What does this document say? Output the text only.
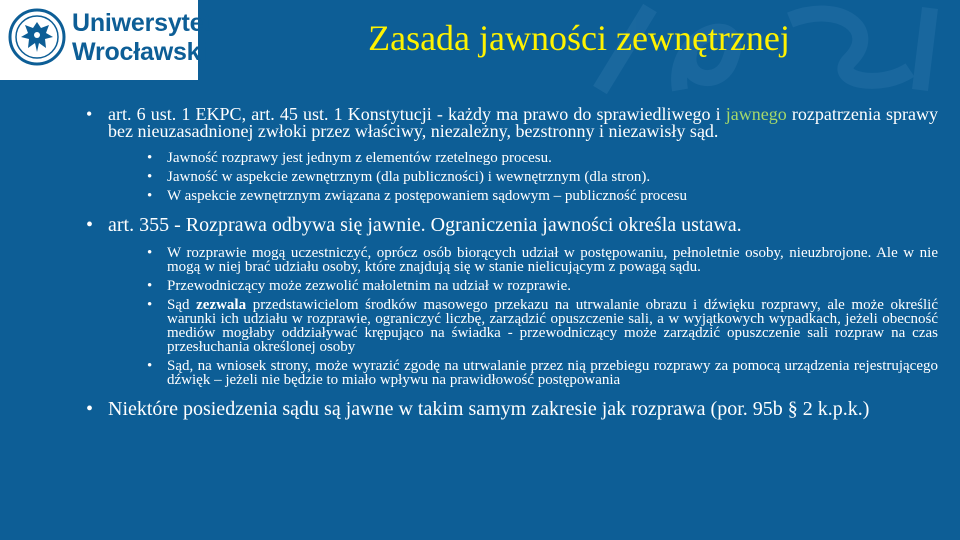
Uniwersytet
Wrocławski	Zasada jawności zewnętrznej
• art. 6 ust. 1 EKPC, art. 45 ust. 1 Konstytucji - każdy ma prawo do sprawiedliwego i jawnego rozpatrzenia sprawy bez nieuzasadnionej zwłoki przez właściwy, niezależny, bezstronny i niezawisły sąd.
• Jawność rozprawy jest jednym z elementów rzetelnego procesu.
• Jawność w aspekcie zewnętrznym (dla publiczności) i wewnętrznym (dla stron).
• W aspekcie zewnętrznym związana z postępowaniem sądowym – publiczność procesu
• art. 355 - Rozprawa odbywa się jawnie. Ograniczenia jawności określa ustawa.
• W rozprawie mogą uczestniczyć, oprócz osób biorących udział w postępowaniu, pełnoletnie osoby, nieuzbrojone. Ale w nie mogą w niej brać udziału osoby, które znajdują się w stanie nielicującym z powagą sądu.
• Przewodniczący może zezwolić małoletnim na udział w rozprawie.
• Sąd zezwala przedstawicielom środków masowego przekazu na utrwalanie obrazu i dźwięku rozprawy, ale może określić warunki ich udziału w rozprawie, ograniczyć liczbę, zarządzić opuszczenie sali, a w wyjątkowych wypadkach, jeżeli obecność mediów mogłaby oddziaływać krępująco na świadka - przewodniczący może zarządzić opuszczenie sali rozpraw na czas przesłuchania określonej osoby
• Sąd, na wniosek strony, może wyrazić zgodę na utrwalanie przez nią przebiegu rozprawy za pomocą urządzenia rejestrującego dźwięk – jeżeli nie będzie to miało wpływu na prawidłowość postępowania
• Niektóre posiedzenia sądu są jawne w takim samym zakresie jak rozprawa (por. 95b § 2 k.p.k.)
